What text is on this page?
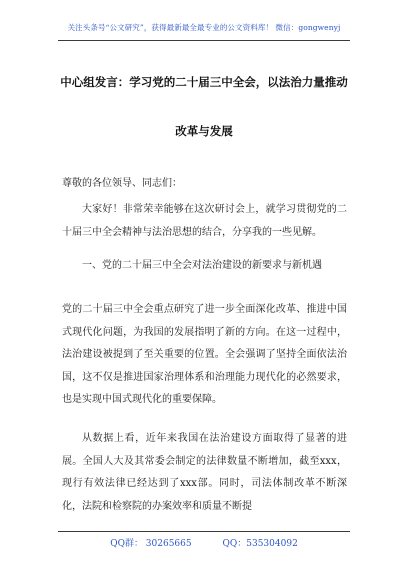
关注头条号“公文研究”，获得最新最全最专业的公文资料库！ 微信：gongwenyj
中心组发言：学习党的二十届三中全会，以法治力量推动
改革与发展
尊敬的各位领导、同志们：
大家好！非常荣幸能够在这次研讨会上，就学习贯彻党的二十届三中全会精神与法治思想的结合，分享我的一些见解。
一、党的二十届三中全会对法治建设的新要求与新机遇
党的二十届三中全会重点研究了进一步全面深化改革、推进中国式现代化问题，为我国的发展指明了新的方向。在这一过程中，法治建设被提到了至关重要的位置。全会强调了坚持全面依法治国，这不仅是推进国家治理体系和治理能力现代化的必然要求，也是实现中国式现代化的重要保障。
从数据上看，近年来我国在法治建设方面取得了显著的进展。全国人大及其常委会制定的法律数量不断增加，截至xxx，现行有效法律已经达到了xxx部。同时，司法体制改革不断深化，法院和检察院的办案效率和质量不断提
QQ群： 30265665	QQ：535304092
